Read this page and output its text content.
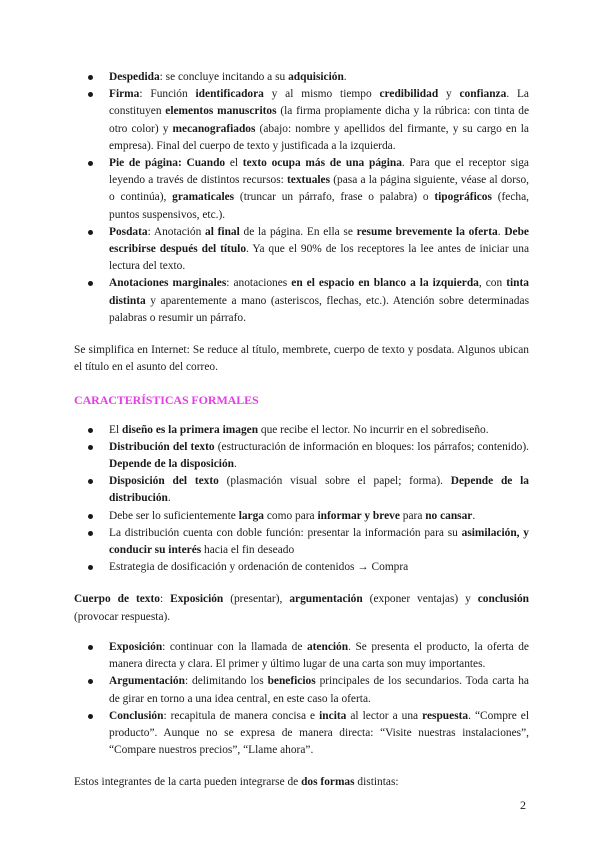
Despedida: se concluye incitando a su adquisición.
Firma: Función identificadora y al mismo tiempo credibilidad y confianza. La constituyen elementos manuscritos (la firma propiamente dicha y la rúbrica: con tinta de otro color) y mecanografiados (abajo: nombre y apellidos del firmante, y su cargo en la empresa). Final del cuerpo de texto y justificada a la izquierda.
Pie de página: Cuando el texto ocupa más de una página. Para que el receptor siga leyendo a través de distintos recursos: textuales (pasa a la página siguiente, véase al dorso, o continúa), gramaticales (truncar un párrafo, frase o palabra) o tipográficos (fecha, puntos suspensivos, etc.).
Posdata: Anotación al final de la página. En ella se resume brevemente la oferta. Debe escribirse después del título. Ya que el 90% de los receptores la lee antes de iniciar una lectura del texto.
Anotaciones marginales: anotaciones en el espacio en blanco a la izquierda, con tinta distinta y aparentemente a mano (asteriscos, flechas, etc.). Atención sobre determinadas palabras o resumir un párrafo.

Se simplifica en Internet: Se reduce al título, membrete, cuerpo de texto y posdata. Algunos ubican el título en el asunto del correo.

CARACTERÍSTICAS FORMALES
El diseño es la primera imagen que recibe el lector. No incurrir en el sobrediseño.
Distribución del texto (estructuración de información en bloques: los párrafos; contenido). Depende de la disposición.
Disposición del texto (plasmación visual sobre el papel; forma). Depende de la distribución.
Debe ser lo suficientemente larga como para informar y breve para no cansar.
La distribución cuenta con doble función: presentar la información para su asimilación, y conducir su interés hacia el fin deseado
Estrategia de dosificación y ordenación de contenidos → Compra

Cuerpo de texto: Exposición (presentar), argumentación (exponer ventajas) y conclusión (provocar respuesta).

Exposición: continuar con la llamada de atención. Se presenta el producto, la oferta de manera directa y clara. El primer y último lugar de una carta son muy importantes.
Argumentación: delimitando los beneficios principales de los secundarios. Toda carta ha de girar en torno a una idea central, en este caso la oferta.
Conclusión: recapitula de manera concisa e incita al lector a una respuesta. “Compre el producto”. Aunque no se expresa de manera directa: “Visite nuestras instalaciones”, “Compare nuestros precios”, “Llame ahora”.

Estos integrantes de la carta pueden integrarse de dos formas distintas:

2
